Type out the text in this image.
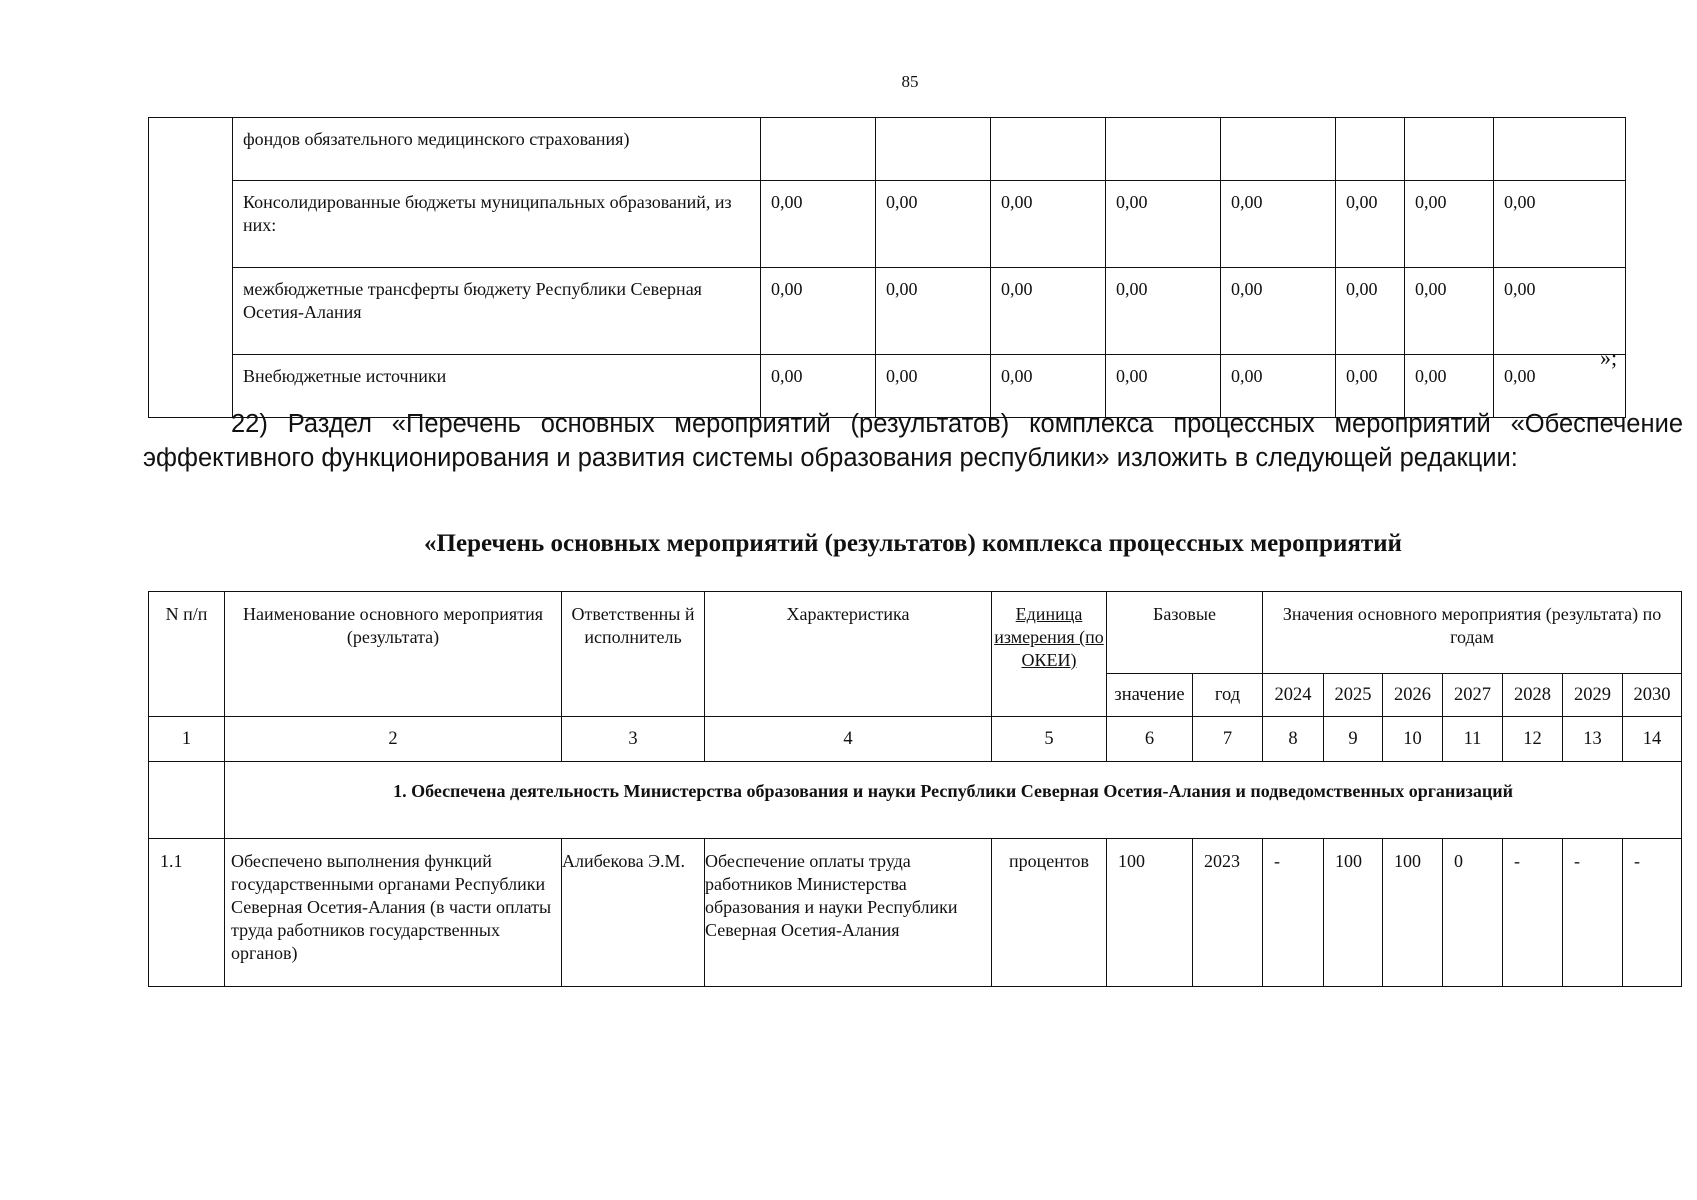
85
	фондов обязательного медицинского страхования)								
	Консолидированные бюджеты муниципальных образований, из них:	0,00	0,00	0,00	0,00	0,00	0,00	0,00	0,00
	межбюджетные трансферты бюджету Республики Северная Осетия-Алания	0,00	0,00	0,00	0,00	0,00	0,00	0,00	0,00
	Внебюджетные источники	0,00	0,00	0,00	0,00	0,00	0,00	0,00	0,00
»;
22) Раздел «Перечень основных мероприятий (результатов) комплекса процессных мероприятий «Обеспечение эффективного функционирования и развития системы образования республики» изложить в следующей редакции:
«Перечень основных мероприятий (результатов) комплекса процессных мероприятий
N п/п	Наименование основного мероприятия (результата)	Ответственны й исполнитель	Характеристика	Единица измерения (по ОКЕИ)	Базовые		Значения основного мероприятия (результата) по годам						
					значение	год	2024	2025	2026	2027	2028	2029	2030
1	2	3	4	5	6	7	8	9	10	11	12	13	14
	1. Обеспечена деятельность Министерства образования и науки Республики Северная Осетия-Алания и подведомственных организаций												
1.1	Обеспечено выполнения функций государственными органами Республики Северная Осетия-Алания (в части оплаты труда работников государственных органов)	Алибекова Э.М.	Обеспечение оплаты труда работников Министерства образования и науки Республики Северная Осетия-Алания	процентов	100	2023	-	100	100	0	-	-	-
